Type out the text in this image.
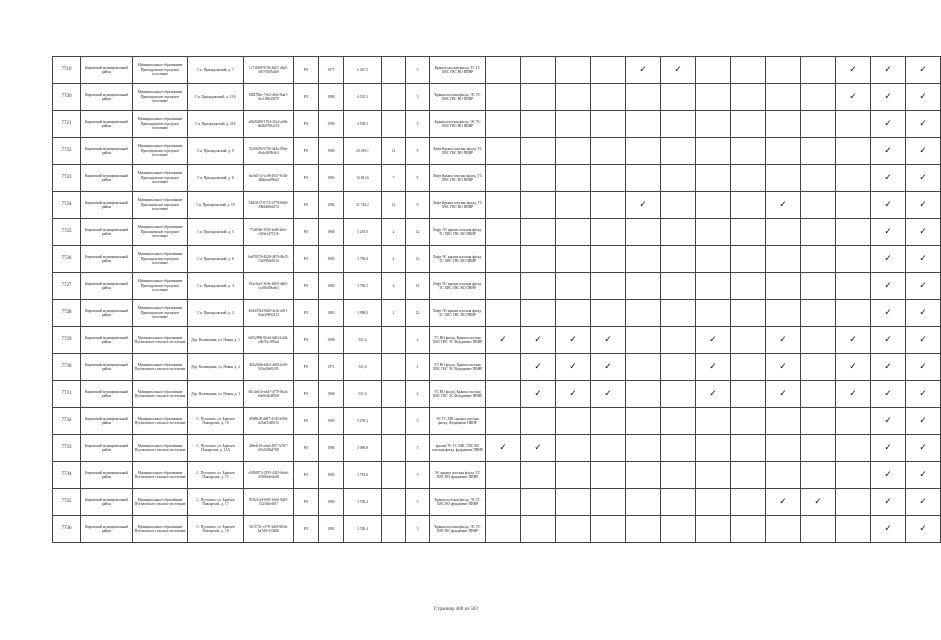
7719	Кировский муниципальный район	Муниципальное образование Приладожское городское поселение	Г.п. Приладожский, д. 7	1c71f0f8-9194-4d51-a8a5-6f07f5b7b4b9	РО	1977	5 347,5		5	Крыша плоская фасад. ТС ГС ХВС ГВС ВО ПВНР					✓	✓					✓	✓	✓
7720	Кировский муниципальный район	Муниципальное образование Приладожское городское поселение	Г.п. Приладожский, д. 21А	8f8278bc-7102-461e-8aa1-4cc190b45879	РО	1989	4 535,3		5	Крыша плоская фасад. ЭС ТС ХВС ГВС ВО ПВНР											✓	✓	✓
7721	Кировский муниципальный район	Муниципальное образование Приладожское городское поселение	Г.п. Приладожский, д. 21Б	a8b45d98-1554-45a1-ae6b-664b0790227d	РО	1990	4 558,3		5	Крыша плоская фасад. ЭС ТС ХВС ГВС ВО ПВНР												✓	✓
7722	Кировский муниципальный район	Муниципальное образование Приладожское городское поселение	Г.п. Приладожский, д. 9	7e20fd7b-6756-444a-89cb-d6cb4f09b1b3	РО	1980	23 019,1	12	9	Лифт Крыша плоская фасад. ТС ХВС ГВС ВО ПВНР												✓	✓
7723	Кировский муниципальный район	Муниципальное образование Приладожское городское поселение	Г.п. Приладожский, д. 8	6ac6d7c4-cc08-4927-8c5b-4b66aca09b23	РО	1983	12 831,6	7	9	Лифт Крыша плоская фасад. ТС ХВС ГВС ВО ПВНР												✓	✓
7724	Кировский муниципальный район	Муниципальное образование Приладожское городское поселение	Г.п. Приладожский, д. 10	54d2f137-8715-4779-86b0-f08d400ebf7d	РО	1982	21 744,2	12	9	Лифт Крыша плоская фасад. ТС ХВС ГВС ВО ПВНР					✓				✓			✓	✓
7725	Кировский муниципальный район	Муниципальное образование Приладожское городское поселение	Г.п. Приладожский, д. 5	77a8f04f-f553-4a68-a0ec-e30fa1475116	РО	1968	5 218,0	2	12	Лифт ЭС крыша плоская фасад. ТС ХВС ГВС ВО ПВНР												✓	✓
7726	Кировский муниципальный район	Муниципальное образование Приладожское городское поселение	Г.п. Приладожский, д. 6	6a67857b-8228-4874-8625-13a9960e8116	РО	1985	3 796,9	2	12	Лифт ЭС крыша плоская фасад. ТС ХВС ГВС ВО ПВНР												✓	✓
7727	Кировский муниципальный район	Муниципальное образование Приладожское городское поселение	Г.п. Приладожский, д. 4	91ac9ea7-8c9e-4065-ab03-1a18bd58aeb1	РО	1980	3 790,5	2	12	Лифт ЭС крыша плоская фасад. ТС ХВС ГВС ВО ПВНР												✓	✓
7728	Кировский муниципальный район	Муниципальное образование Приладожское городское поселение	Г.п. Приладожский, д. 3	20d437d4-0629-4e4c-a811-02ae29692113	РО	1983	3 998,0	2	12	Лифт ЭС крыша плоская фасад. ТС ХВС ГВС ВО ПВНР												✓	✓
7729	Кировский муниципальный район	Муниципальное образование Путиловское сельское поселение	Дер. Валовщина, ул. Новая, д. 1	6d5f2996-0b4d-4d63-b4d4-a3b70cc993ad	РО	1968	531,4		2	ТС ВО фасад. Крыша плоская ХВС ГВС ЭС Фундамент ПВНР	✓	✓	✓	✓			✓		✓		✓	✓	✓
7730	Кировский муниципальный район	Муниципальное образование Путиловское сельское поселение	Дер. Валовщина, ул. Новая, д. 2	363a5b4b-bfb3-4663-b3f0-9f3a28a0f103	РО	1971	531,4		2	ТС ВО фасад. Крыша плоская ХВС ГВС ЭС Фундамент ПВНР		✓	✓	✓			✓		✓		✓	✓	✓
7731	Кировский муниципальный район	Муниципальное образование Путиловское сельское поселение	Дер. Валовщина, ул. Новая, д. 3	0b14a61b-e4d7-4770-b62a-b6e0c6e4855d	РО	1968	531,4		2	ТС ВО фасад. Крыша плоская ХВС ГВС ЭС Фундамент ПВНР		✓	✓	✓			✓		✓		✓	✓	✓
7732	Кировский муниципальный район	Муниципальное образование Путиловское сельское поселение	С. Путилово, ул. Братьев Пожарских, д. 10	d9d9b28-d087-4130-a39b-d25af54d9115	РО	1983	3 199,2		5	ЭС ТС ХВС крыша плоская фасад. Фундамент ПВНР												✓	✓
7733	Кировский муниципальный район	Муниципальное образование Путиловское сельское поселение	С. Путилово, ул. Братьев Пожарских, д. 13А	4fbe4c16-a4aa-4917-b707-60fd3f8b4708	РО	1986	3 090,8		5	крыша ЭС ТС ХВС ГВС ВО плоская фасад. фундамент ПВНР	✓	✓										✓	✓
7734	Кировский муниципальный район	Муниципальное образование Путиловское сельское поселение	С. Путилово, ул. Братьев Пожарских, д. 15	a5830873-2395-4425-b6a6-d589fe4e6ed8	РО	1985	3 783,8		5	ЭС крыша плоская фасад. ТС ХВС ВО фундамент ПВНР												✓	✓
7735	Кировский муниципальный район	Муниципальное образование Путиловское сельское поселение	С. Путилово, ул. Братьев Пожарских, д. 17	7b5b3c3d-f691-45eb-9d25-3125fbfef617	РО	1989	3 780,4		5	Крыша плоская фасад. ЭС ТС ХВС ВО фундамент ПВНР									✓	✓		✓	✓
7736	Кировский муниципальный район	Муниципальное образование Путиловское сельское поселение	С. Путилово, ул. Братьев Пожарских, д. 18	5b73731-c578-4d18-862b-ba7d9c155486	РО	1982	3 760,4		5	Крыша плоская фасад. ЭС ТС ХВС ВО фундамент ПВНР												✓	✓
Страница 400 из 503
